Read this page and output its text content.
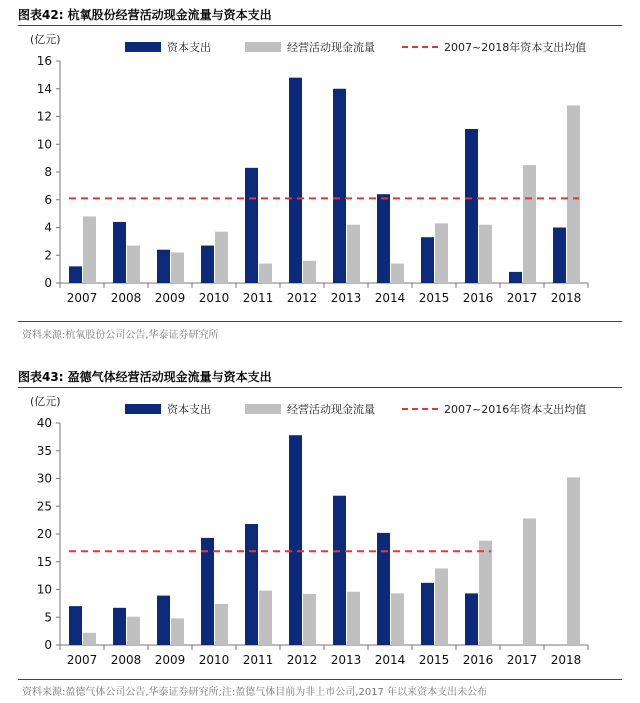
图表42: 杭氧股份经营活动现金流量与资本支出
(亿元)
资本支出	经营活动现金流量	2007~2018年资本支出均值
0
2
4
6
8
10
12
14
16
2007 2008 2009 2010 2011 2012 2013 2014 2015 2016 2017 2018
资料来源:杭氧股份公司公告,华泰证券研究所
图表43: 盈德气体经营活动现金流量与资本支出
(亿元)
资本支出	经营活动现金流量	2007~2016年资本支出均值
0
5
10
15
20
25
30
35
40
2007 2008 2009 2010 2011 2012 2013 2014 2015 2016 2017 2018
资料来源:盈德气体公司公告,华泰证券研究所;注:盈德气体目前为非上市公司,2017 年以来资本支出未公布
